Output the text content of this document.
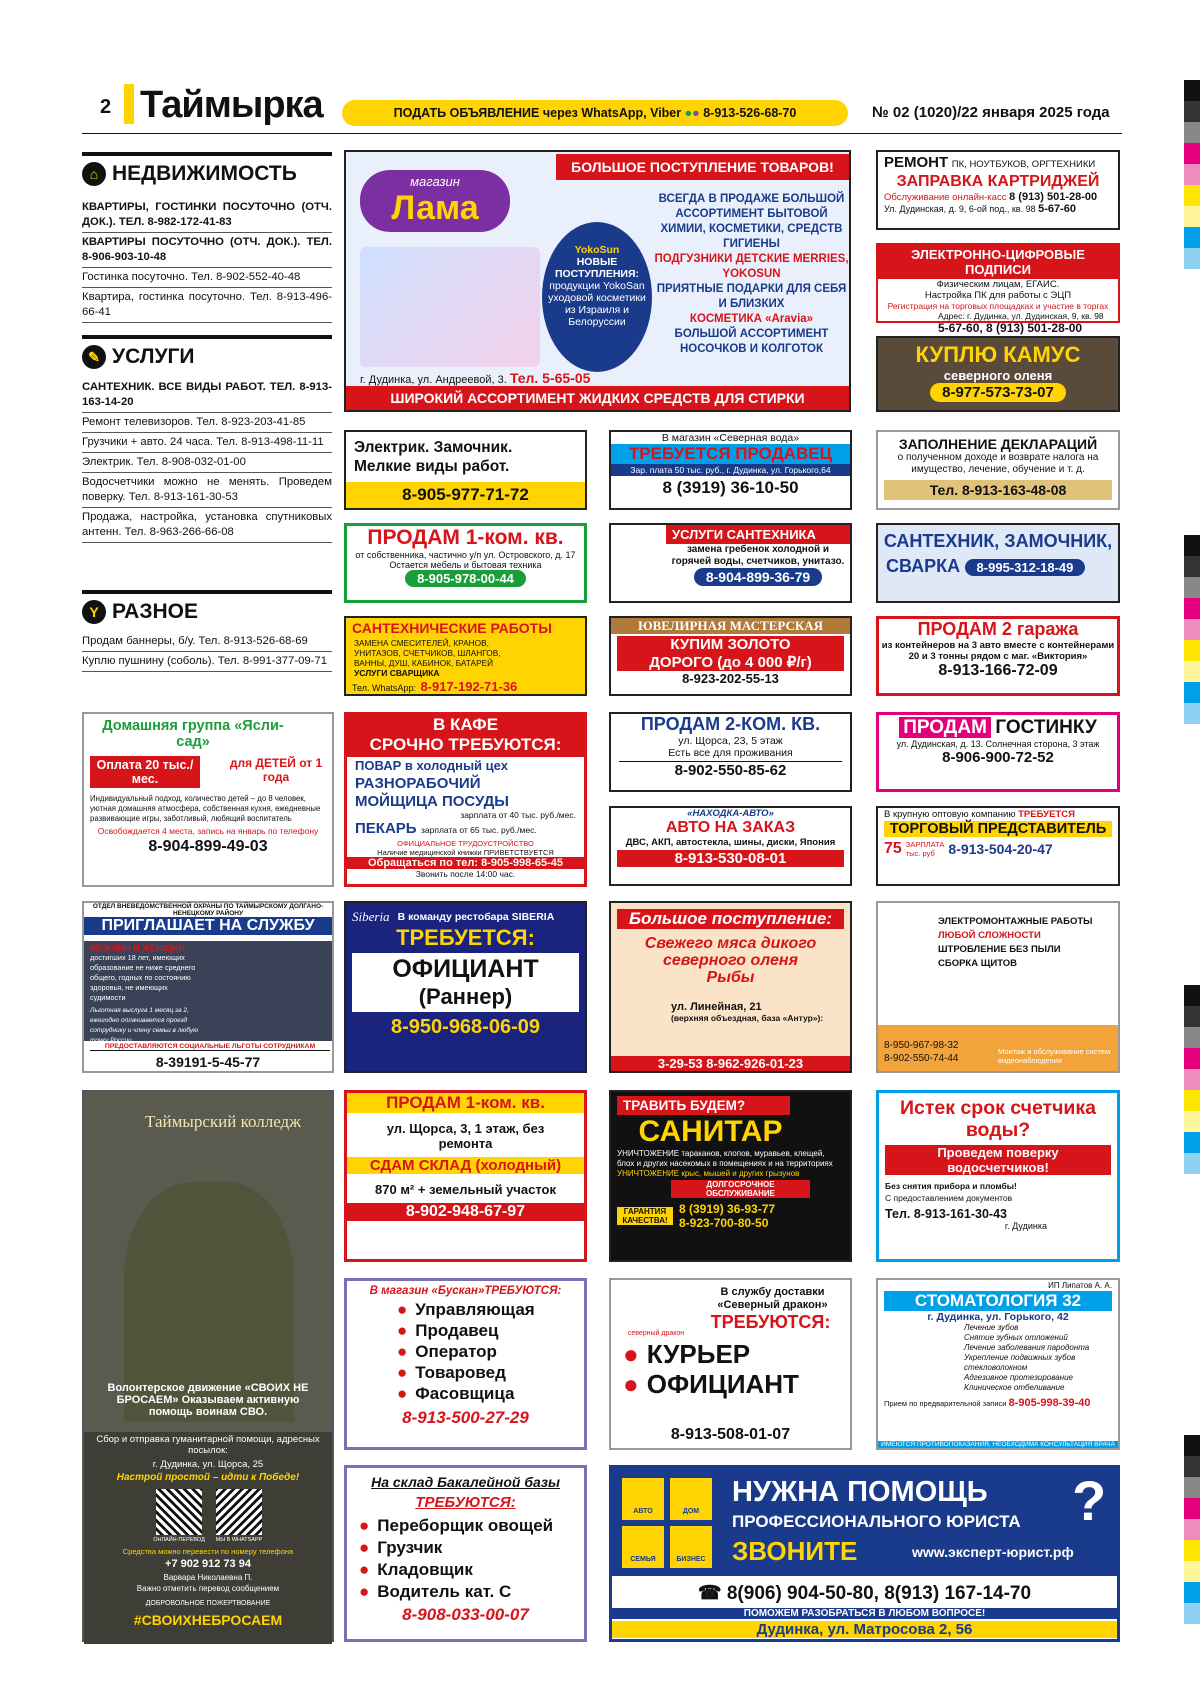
2 Таймырка	ПОДАТЬ ОБЪЯВЛЕНИЕ через WhatsApp, Viber ●● 8-913-526-68-70	№ 02 (1020)/22 января 2025 года
⌂ НЕДВИЖИМОСТЬ
КВАРТИРЫ, ГОСТИНКИ ПОСУТОЧНО (ОТЧ. ДОК.). ТЕЛ. 8-982-172-41-83
КВАРТИРЫ ПОСУТОЧНО (ОТЧ. ДОК.). ТЕЛ. 8-906-903-10-48
Гостинка посуточно. Тел. 8-902-552-40-48
Квартира, гостинка посуточно. Тел. 8-913-496-66-41
✎ УСЛУГИ
САНТЕХНИК. ВСЕ ВИДЫ РАБОТ. ТЕЛ. 8-913-163-14-20
Ремонт телевизоров. Тел. 8-923-203-41-85
Грузчики + авто. 24 часа. Тел. 8-913-498-11-11
Электрик. Тел. 8-908-032-01-00
Водосчетчики можно не менять. Проведем поверку. Тел. 8-913-161-30-53
Продажа, настройка, установка спутниковых антенн. Тел. 8-963-266-66-08
Y РАЗНОЕ
Продам баннеры, б/у. Тел. 8-913-526-68-69
Куплю пушнину (соболь). Тел. 8-991-377-09-71
магазин
Лама
БОЛЬШОЕ ПОСТУПЛЕНИЕ ТОВАРОВ!
YokoSun
НОВЫЕ ПОСТУПЛЕНИЯ:
продукции YokoSan
уходовой косметики из Израиля и Белоруссии
ВСЕГДА В ПРОДАЖЕ БОЛЬШОЙ АССОРТИМЕНТ БЫТОВОЙ ХИМИИ, КОСМЕТИКИ, СРЕДСТВ ГИГИЕНЫ
ПОДГУЗНИКИ ДЕТСКИЕ MERRIES, YOKOSUN
ПРИЯТНЫЕ ПОДАРКИ ДЛЯ СЕБЯ И БЛИЗКИХ
КОСМЕТИКА «Aravia»
БОЛЬШОЙ АССОРТИМЕНТ НОСОЧКОВ И КОЛГОТОК
г. Дудинка, ул. Андреевой, 3. Тел. 5-65-05
ШИРОКИЙ АССОРТИМЕНТ ЖИДКИХ СРЕДСТВ ДЛЯ СТИРКИ
РЕМОНТ ПК, НОУТБУКОВ, ОРГТЕХНИКИ
ЗАПРАВКА КАРТРИДЖЕЙ
Обслуживание онлайн-касс 8 (913) 501-28-00
Ул. Дудинская, д. 9, 6-ой под., кв. 98 5-67-60
ЭЛЕКТРОННО-ЦИФРОВЫЕ ПОДПИСИ
Физическим лицам, ЕГАИС.
Настройка ПК для работы с ЭЦП
Регистрация на торговых площадках и участие в торгах
Адрес: г. Дудинка, ул. Дудинская, 9, кв. 98
5-67-60, 8 (913) 501-28-00
КУПЛЮ КАМУС
северного оленя
8-977-573-73-07
Электрик. Замочник. Мелкие виды работ.
8-905-977-71-72
В магазин «Северная вода»
ТРЕБУЕТСЯ ПРОДАВЕЦ
Зар. плата 50 тыс. руб., г. Дудинка, ул. Горького,64
8 (3919) 36-10-50
ЗАПОЛНЕНИЕ ДЕКЛАРАЦИЙ
о полученном доходе и возврате налога на имущество, лечение, обучение и т. д.
Тел. 8-913-163-48-08
ПРОДАМ 1-ком. кв.
от собственника, частично у/п ул. Островского, д. 17
Остается мебель и бытовая техника
8-905-978-00-44
УСЛУГИ САНТЕХНИКА
замена гребенок холодной и горячей воды, счетчиков, унитазо.
8-904-899-36-79
САНТЕХНИК, ЗАМОЧНИК,
СВАРКА 8-995-312-18-49
САНТЕХНИЧЕСКИЕ РАБОТЫ
ЗАМЕНА СМЕСИТЕЛЕЙ, КРАНОВ, УНИТАЗОВ, СЧЕТЧИКОВ, ШЛАНГОВ, ВАННЫ, ДУШ, КАБИНОК, БАТАРЕЙ
УСЛУГИ СВАРЩИКА
Тел. WhatsApp: 8-917-192-71-36
ЮВЕЛИРНАЯ МАСТЕРСКАЯ
КУПИМ ЗОЛОТО
ДОРОГО (до 4 000 ₽/г)
8-923-202-55-13
ПРОДАМ 2 гаража
из контейнеров на 3 авто вместе с контейнерами 20 и 3 тонны рядом с маг. «Виктория»
8-913-166-72-09
Домашняя группа «Ясли-сад»
Оплата 20 тыс./мес.
для ДЕТЕЙ от 1 года
Индивидуальный подход, количество детей – до 8 человек, уютная домашняя атмосфера, собственная кухня, ежедневные развивающие игры, заботливый, любящий воспитатель
Освобождается 4 места, запись на январь по телефону
8-904-899-49-03
В КАФЕ
СРОЧНО ТРЕБУЮТСЯ:
ПОВАР в холодный цех
РАЗНОРАБОЧИЙ
МОЙЩИЦА ПОСУДЫ
зарплата от 40 тыс. руб./мес.
ПЕКАРЬ зарплата от 65 тыс. руб./мес.
ОФИЦИАЛЬНОЕ ТРУДОУСТРОЙСТВО
Наличие медицинской книжки ПРИВЕТСТВУЕТСЯ
Обращаться по тел: 8-905-998-65-45
Звонить после 14:00 час.
ПРОДАМ 2-КОМ. КВ.
ул. Щорса, 23, 5 этаж
Есть все для проживания
8-902-550-85-62
ПРОДАМ ГОСТИНКУ
ул. Дудинская, д. 13. Солнечная сторона, 3 этаж
8-906-900-72-52
«НАХОДКА-АВТО»
АВТО НА ЗАКАЗ
ДВС, АКП, автостекла, шины, диски, Япония
8-913-530-08-01
В крупную оптовую компанию ТРЕБУЕТСЯ
ТОРГОВЫЙ ПРЕДСТАВИТЕЛЬ
75 ЗАРПЛАТА
тыс. руб 8-913-504-20-47
ОТДЕЛ ВНЕВЕДОМСТВЕННОЙ ОХРАНЫ ПО ТАЙМЫРСКОМУ ДОЛГАНО-НЕНЕЦКОМУ РАЙОНУ
ПРИГЛАШАЕТ НА СЛУЖБУ
МУЖЧИН И ЖЕНЩИН
достигших 18 лет, имеющих образование не ниже среднего общего, годных по состоянию здоровья, не имеющих судимости
Льготная выслуга 1 месяц за 2, ежегодно оплачивается проезд сотруднику и члену семьи в любую точку России
ПРЕДОСТАВЛЯЮТСЯ СОЦИАЛЬНЫЕ ЛЬГОТЫ СОТРУДНИКАМ
8-39191-5-45-77
Siberia В команду рестобара SIBERIA
ТРЕБУЕТСЯ:
ОФИЦИАНТ
(Раннер)
8-950-968-06-09
Большое поступление:
Свежего мяса дикого северного оленя
Рыбы
ул. Линейная, 21
(верхняя объездная, база «Антур»):
3-29-53 8-962-926-01-23
ЭЛЕКТРОМОНТАЖНЫЕ РАБОТЫ
ЛЮБОЙ СЛОЖНОСТИ
ШТРОБЛЕНИЕ БЕЗ ПЫЛИ
СБОРКА ЩИТОВ
8-950-967-98-32
8-902-550-74-44
Монтаж и обслуживание систем видеонаблюдения
Таймырский колледж
Волонтерское движение «СВОИХ НЕ БРОСАЕМ» Оказываем активную помощь воинам СВО.
Сбор и отправка гуманитарной помощи, адресных посылок:
г. Дудинка, ул. Щорса, 25
Настрой простой – идти к Победе!
ОНЛАЙН-ПЕРЕВОД	МЫ В WHATSAPP
Средства можно перевести по номеру телефона
+7 902 912 73 94
Варвара Николаевна П.
Важно отметить перевод сообщением
ДОБРОВОЛЬНОЕ ПОЖЕРТВОВАНИЕ
#СВОИХНЕБРОСАЕМ
ПРОДАМ 1-ком. кв.
ул. Щорса, 3, 1 этаж, без ремонта
СДАМ СКЛАД (холодный)
870 м² + земельный участок
8-902-948-67-97
ТРАВИТЬ БУДЕМ?
САНИТАР
УНИЧТОЖЕНИЕ тараканов, клопов, муравьев, клещей, блох и других насекомых в помещениях и на территориях
УНИЧТОЖЕНИЕ крыс, мышей и других грызунов
ДОЛГОСРОЧНОЕ ОБСЛУЖИВАНИЕ
ГАРАНТИЯ КАЧЕСТВА!
8 (3919) 36-93-77
8-923-700-80-50
Истек срок счетчика воды?
Проведем поверку водосчетчиков!
Без снятия прибора и пломбы!
С предоставлением документов
Тел. 8-913-161-30-43
г. Дудинка
В магазин «Бускан»ТРЕБУЮТСЯ:
● Управляющая
● Продавец
● Оператор
● Товаровед
● Фасовщица
8-913-500-27-29
В службу доставки «Северный дракон»
ТРЕБУЮТСЯ:
северный дракон
● КУРЬЕР
● ОФИЦИАНТ
8-913-508-01-07
ИП Липатов А. А.
СТОМАТОЛОГИЯ 32
г. Дудинка, ул. Горького, 42
Лечение зубов
Снятие зубных отложений
Лечение заболевания пародонта
Укрепление подвижных зубов стекловолокном
Адгезивное протезирование
Клиническое отбеливание
Прием по предварительной записи 8-905-998-39-40
ИМЕЮТСЯ ПРОТИВОПОКАЗАНИЯ, НЕОБХОДИМА КОНСУЛЬТАЦИЯ ВРАЧА
На склад Бакалейной базы
ТРЕБУЮТСЯ:
● Переборщик овощей
● Грузчик
● Кладовщик
● Водитель кат. С
8-908-033-00-07
АВТО	ДОМ
СЕМЬЯ	БИЗНЕС
НУЖНА ПОМОЩЬ ?
ПРОФЕССИОНАЛЬНОГО ЮРИСТА
ЗВОНИТЕ	www.эксперт-юрист.рф
☎ 8(906) 904-50-80, 8(913) 167-14-70
ПОМОЖЕМ РАЗОБРАТЬСЯ В ЛЮБОМ ВОПРОСЕ!
Дудинка, ул. Матросова 2, 56
